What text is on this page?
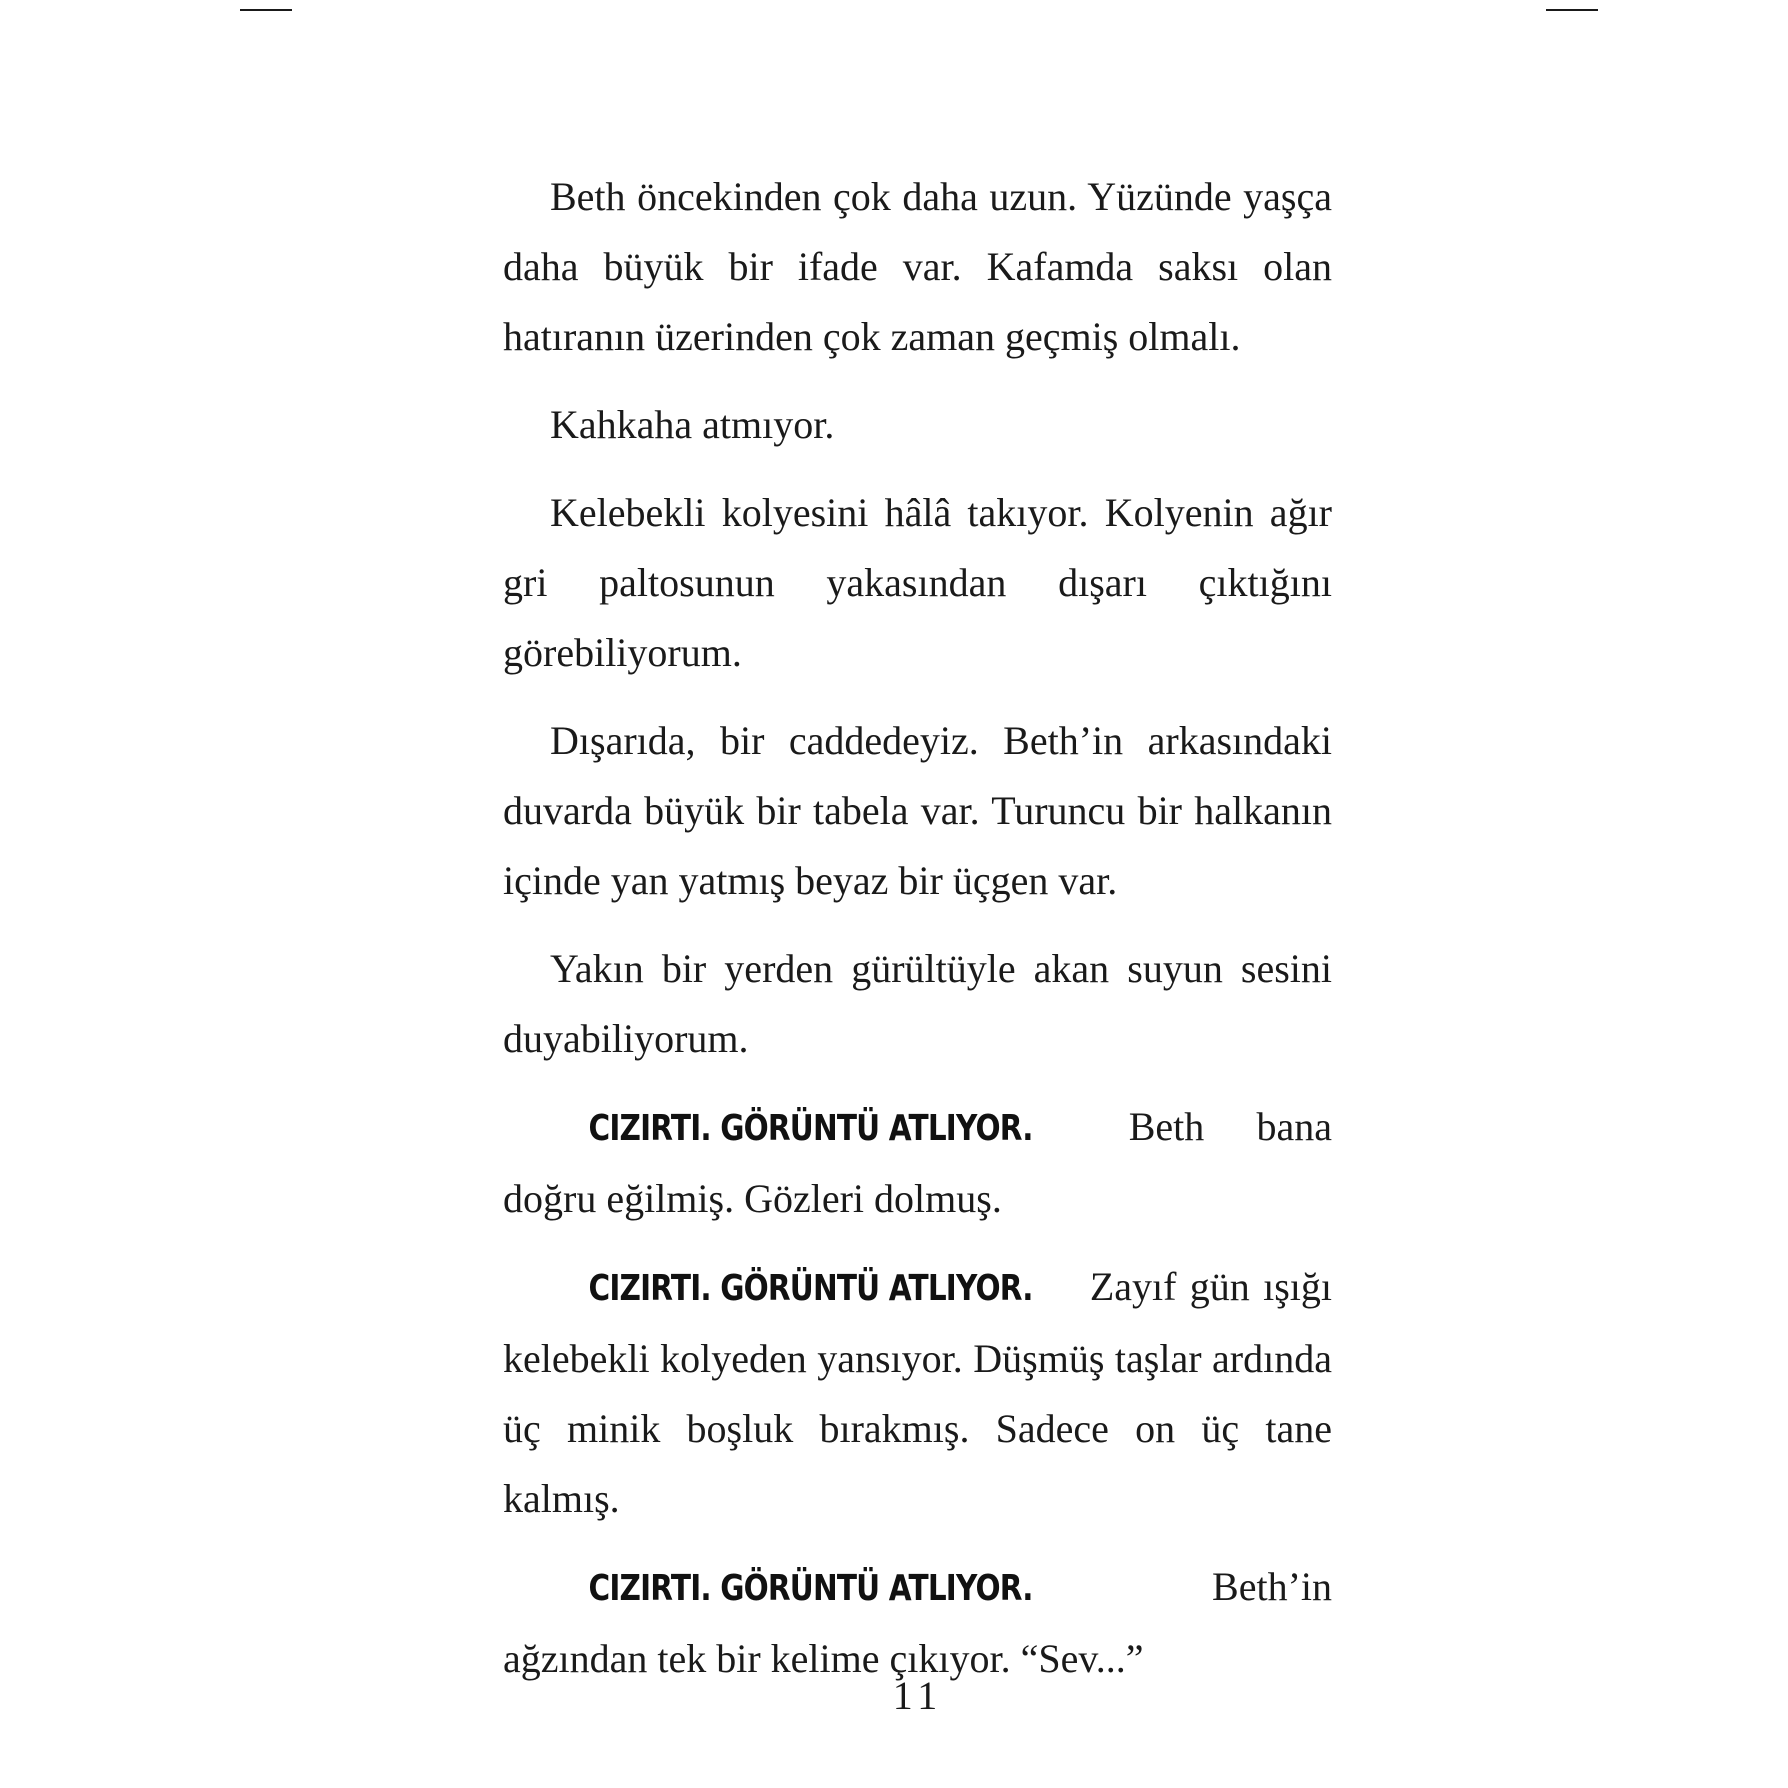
Beth öncekinden çok daha uzun. Yüzünde yaşça daha büyük bir ifade var. Kafamda saksı olan hatıranın üzerinden çok zaman geçmiş olmalı.

Kahkaha atmıyor.

Kelebekli kolyesini hâlâ takıyor. Kolyenin ağır gri paltosunun yakasından dışarı çıktığını görebiliyorum.

Dışarıda, bir caddedeyiz. Beth’in arkasındaki duvarda büyük bir tabela var. Turuncu bir halkanın içinde yan yatmış beyaz bir üçgen var.

Yakın bir yerden gürültüyle akan suyun sesini duyabiliyorum.

CIZIRTI. GÖRÜNTÜ ATLIYOR. Beth bana doğru eğilmiş. Gözleri dolmuş.

CIZIRTI. GÖRÜNTÜ ATLIYOR. Zayıf gün ışığı kelebekli kolyeden yansıyor. Düşmüş taşlar ardında üç minik boşluk bırakmış. Sadece on üç tane kalmış.

CIZIRTI. GÖRÜNTÜ ATLIYOR.	Beth’in ağzından tek bir kelime çıkıyor. “Sev...”

11
